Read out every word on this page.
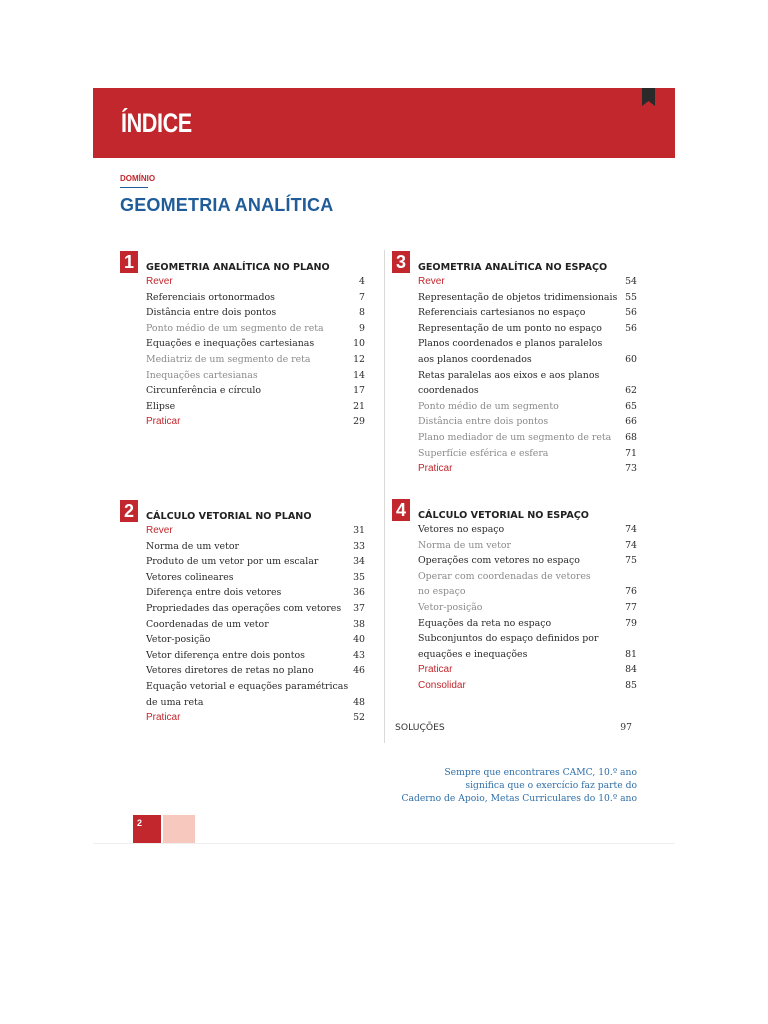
ÍNDICE
DOMÍNIO
GEOMETRIA ANALÍTICA
1	GEOMETRIA ANALÍTICA NO PLANO
Rever	4
Referenciais ortonormados	7
Distância entre dois pontos	8
Ponto médio de um segmento de reta	9
Equações e inequações cartesianas	10
Mediatriz de um segmento de reta	12
Inequações cartesianas	14
Circunferência e círculo	17
Elipse	21
Praticar	29
2	CÁLCULO VETORIAL NO PLANO
Rever	31
Norma de um vetor	33
Produto de um vetor por um escalar	34
Vetores colineares	35
Diferença entre dois vetores	36
Propriedades das operações com vetores 37
Coordenadas de um vetor	38
Vetor-posição	40
Vetor diferença entre dois pontos	43
Vetores diretores de retas no plano	46
Equação vetorial e equações paramétricas
de uma reta	48
Praticar	52
3	GEOMETRIA ANALÍTICA NO ESPAÇO
Rever	54
Representação de objetos tridimensionais 55
Referenciais cartesianos no espaço	56
Representação de um ponto no espaço 56
Planos coordenados e planos paralelos
aos planos coordenados	60
Retas paralelas aos eixos e aos planos
coordenados	62
Ponto médio de um segmento	65
Distância entre dois pontos	66
Plano mediador de um segmento de reta 68
Superfície esférica e esfera	71
Praticar	73
4	CÁLCULO VETORIAL NO ESPAÇO
Vetores no espaço	74
Norma de um vetor	74
Operações com vetores no espaço	75
Operar com coordenadas de vetores
no espaço	76
Vetor-posição	77
Equações da reta no espaço	79
Subconjuntos do espaço definidos por
equações e inequações	81
Praticar	84
Consolidar	85
SOLUÇÕES	97
Sempre que encontrares CAMC, 10.º ano
significa que o exercício faz parte do
Caderno de Apoio, Metas Curriculares do 10.º ano
2
